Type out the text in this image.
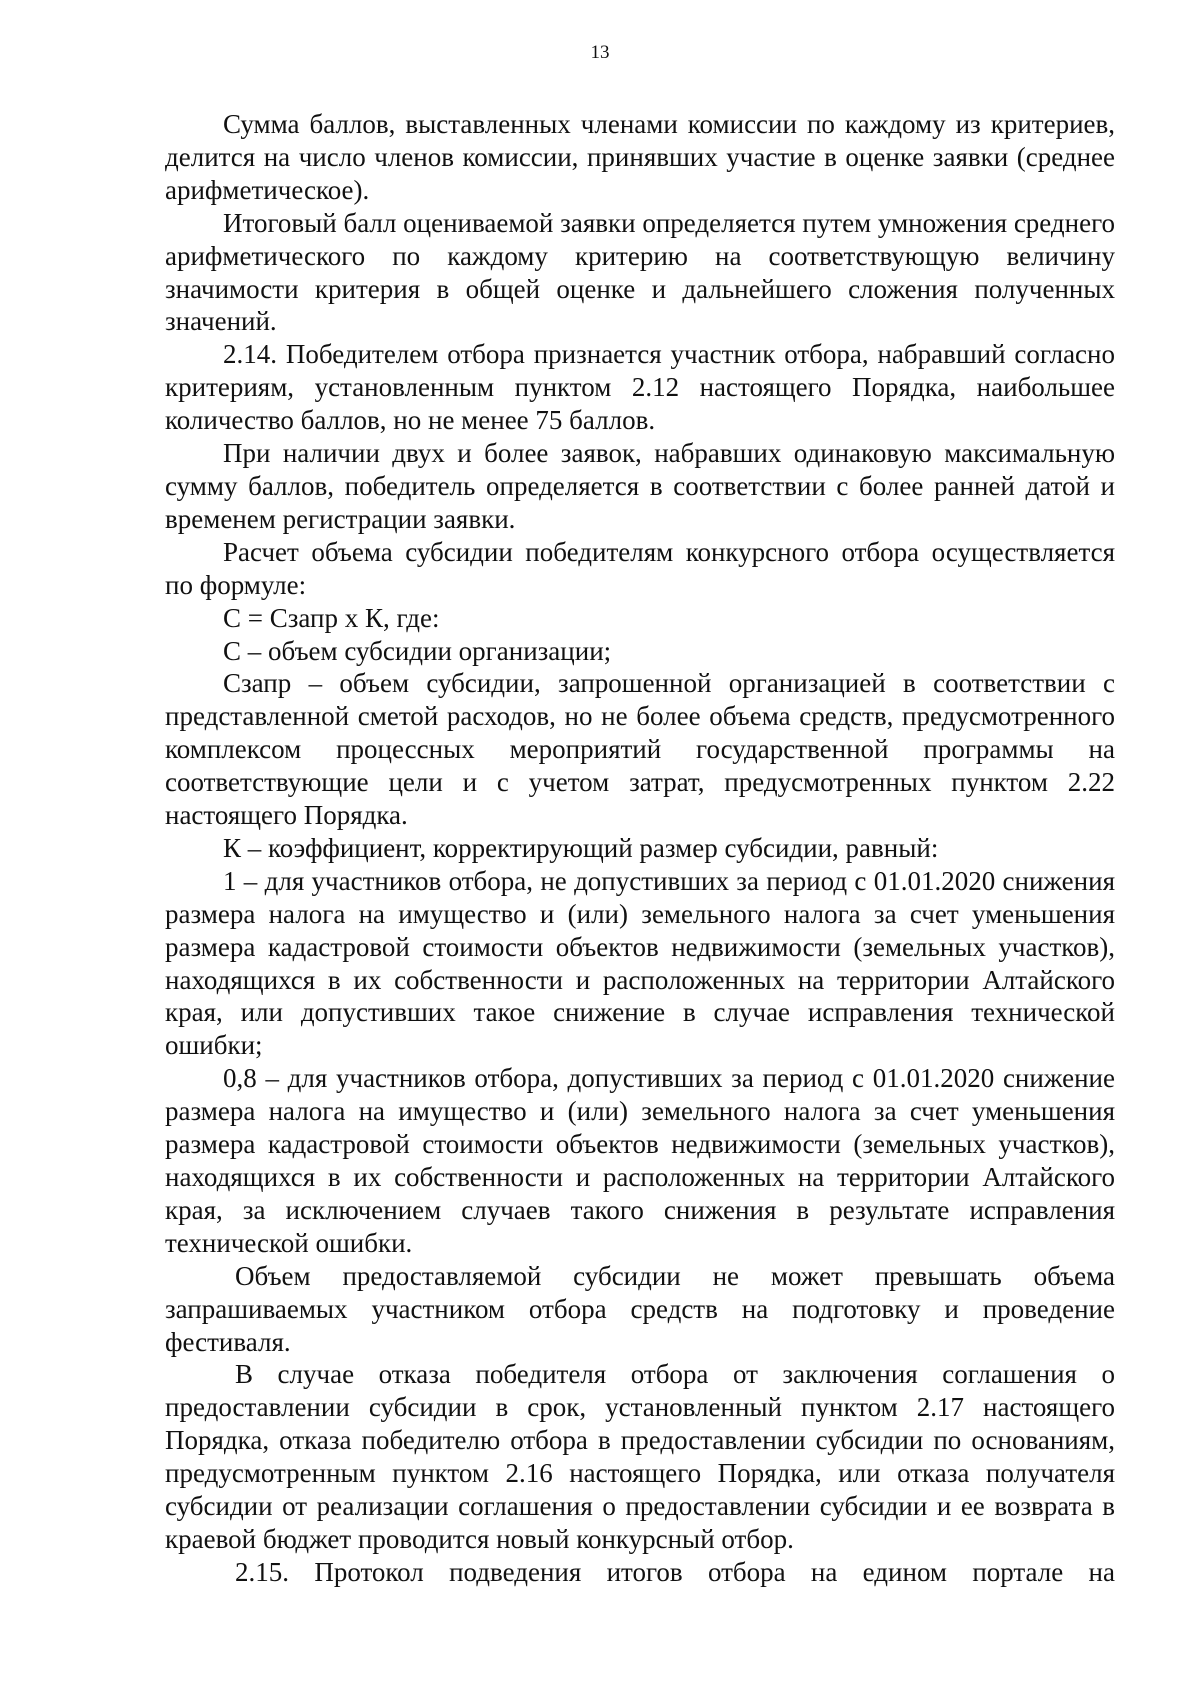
13

Сумма баллов, выставленных членами комиссии по каждому из критериев, делится на число членов комиссии, принявших участие в оценке заявки (среднее арифметическое).

Итоговый балл оцениваемой заявки определяется путем умножения среднего арифметического по каждому критерию на соответствующую величину значимости критерия в общей оценке и дальнейшего сложения полученных значений.

2.14. Победителем отбора признается участник отбора, набравший согласно критериям, установленным пунктом 2.12 настоящего Порядка, наибольшее количество баллов, но не менее 75 баллов.

При наличии двух и более заявок, набравших одинаковую максимальную сумму баллов, победитель определяется в соответствии с более ранней датой и временем регистрации заявки.

Расчет объема субсидии победителям конкурсного отбора осуществляется по формуле:

С = Сзапр х К, где:

С – объем субсидии организации;

Сзапр – объем субсидии, запрошенной организацией в соответствии с представленной сметой расходов, но не более объема средств, предусмотренного комплексом процессных мероприятий государственной программы на соответствующие цели и с учетом затрат, предусмотренных пунктом 2.22 настоящего Порядка.

К – коэффициент, корректирующий размер субсидии, равный:

1 – для участников отбора, не допустивших за период с 01.01.2020 снижения размера налога на имущество и (или) земельного налога за счет уменьшения размера кадастровой стоимости объектов недвижимости (земельных участков), находящихся в их собственности и расположенных на территории Алтайского края, или допустивших такое снижение в случае исправления технической ошибки;

0,8 – для участников отбора, допустивших за период с 01.01.2020 снижение размера налога на имущество и (или) земельного налога за счет уменьшения размера кадастровой стоимости объектов недвижимости (земельных участков), находящихся в их собственности и расположенных на территории Алтайского края, за исключением случаев такого снижения в результате исправления технической ошибки.

Объем предоставляемой субсидии не может превышать объема запрашиваемых участником отбора средств на подготовку и проведение фестиваля.

В случае отказа победителя отбора от заключения соглашения о предоставлении субсидии в срок, установленный пунктом 2.17 настоящего Порядка, отказа победителю отбора в предоставлении субсидии по основаниям, предусмотренным пунктом 2.16 настоящего Порядка, или отказа получателя субсидии от реализации соглашения о предоставлении субсидии и ее возврата в краевой бюджет проводится новый конкурсный отбор.

2.15. Протокол подведения итогов отбора на едином портале на
